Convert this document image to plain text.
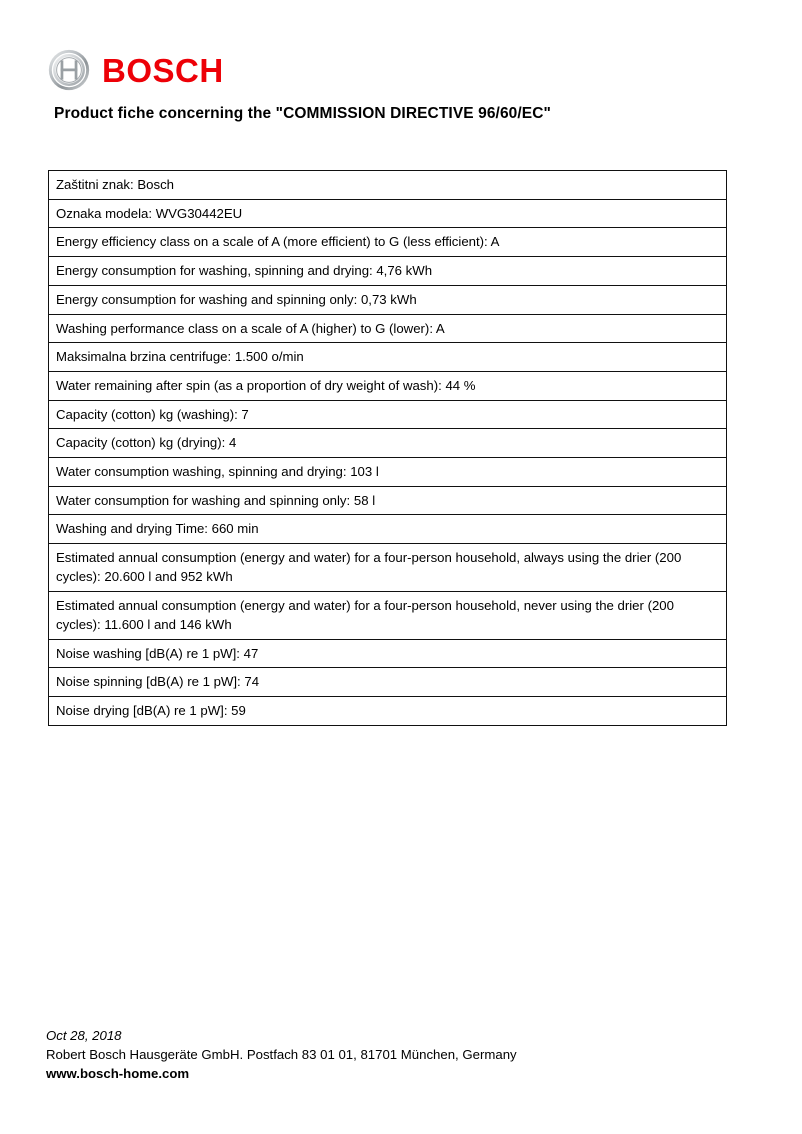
BOSCH
Product fiche concerning the "COMMISSION DIRECTIVE 96/60/EC"
Zaštitni znak: Bosch
Oznaka modela: WVG30442EU
Energy efficiency class on a scale of A (more efficient) to G (less efficient): A
Energy consumption for washing, spinning and drying: 4,76 kWh
Energy consumption for washing and spinning only: 0,73 kWh
Washing performance class on a scale of A (higher) to G (lower): A
Maksimalna brzina centrifuge: 1.500 o/min
Water remaining after spin (as a proportion of dry weight of wash): 44 %
Capacity (cotton) kg (washing): 7
Capacity (cotton) kg (drying): 4
Water consumption washing, spinning and drying: 103 l
Water consumption for washing and spinning only: 58 l
Washing and drying Time: 660 min
Estimated annual consumption (energy and water) for a four-person household, always using the drier (200 cycles): 20.600 l and 952 kWh
Estimated annual consumption (energy and water) for a four-person household, never using the drier (200 cycles): 11.600 l and 146 kWh
Noise washing [dB(A) re 1 pW]: 47
Noise spinning [dB(A) re 1 pW]: 74
Noise drying [dB(A) re 1 pW]: 59
Oct 28, 2018
Robert Bosch Hausgeräte GmbH. Postfach 83 01 01, 81701 München, Germany
www.bosch-home.com
